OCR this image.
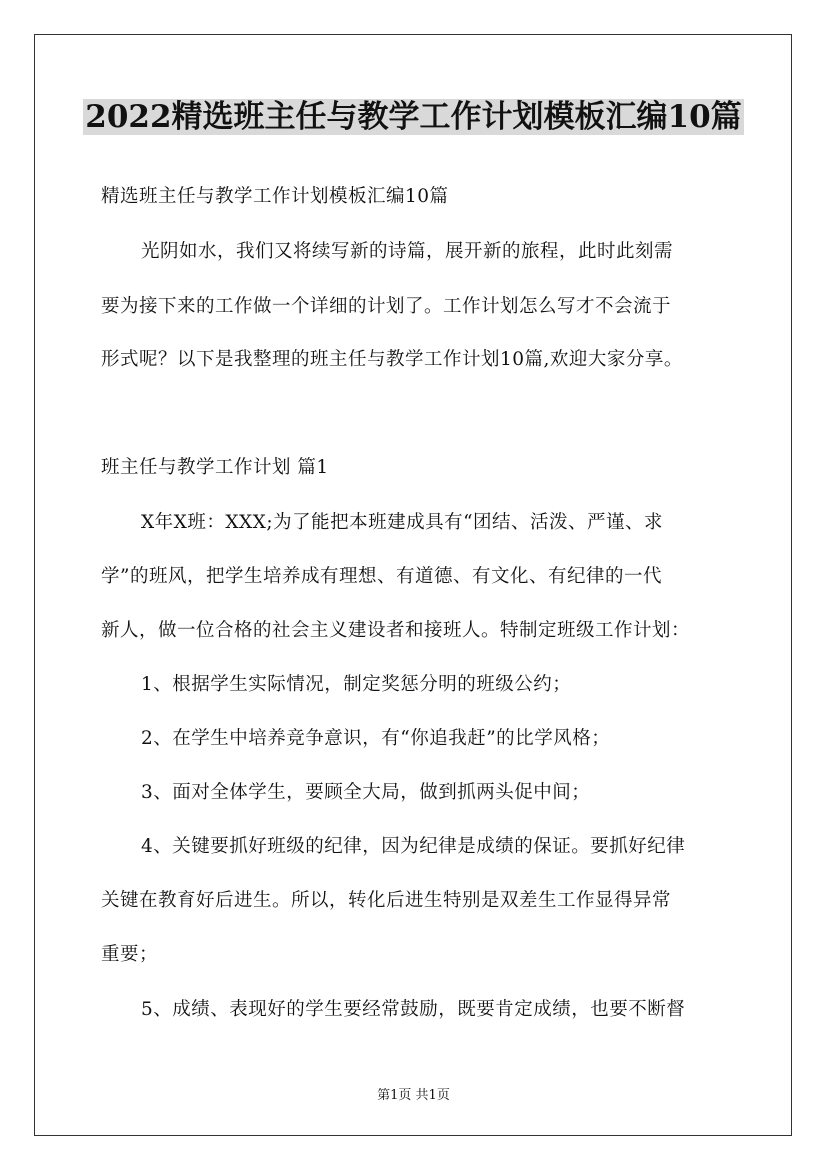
2022精选班主任与教学工作计划模板汇编10篇
精选班主任与教学工作计划模板汇编10篇
光阴如水，我们又将续写新的诗篇，展开新的旅程，此时此刻需
要为接下来的工作做一个详细的计划了。工作计划怎么写才不会流于
形式呢？以下是我整理的班主任与教学工作计划10篇,欢迎大家分享。
班主任与教学工作计划 篇1
X年X班：XXX;为了能把本班建成具有“团结、活泼、严谨、求
学”的班风，把学生培养成有理想、有道德、有文化、有纪律的一代
新人，做一位合格的社会主义建设者和接班人。特制定班级工作计划：
1、根据学生实际情况，制定奖惩分明的班级公约；
2、在学生中培养竞争意识，有“你追我赶”的比学风格；
3、面对全体学生，要顾全大局，做到抓两头促中间；
4、关键要抓好班级的纪律，因为纪律是成绩的保证。要抓好纪律
关键在教育好后进生。所以，转化后进生特别是双差生工作显得异常
重要；
5、成绩、表现好的学生要经常鼓励，既要肯定成绩，也要不断督
第1页 共1页
